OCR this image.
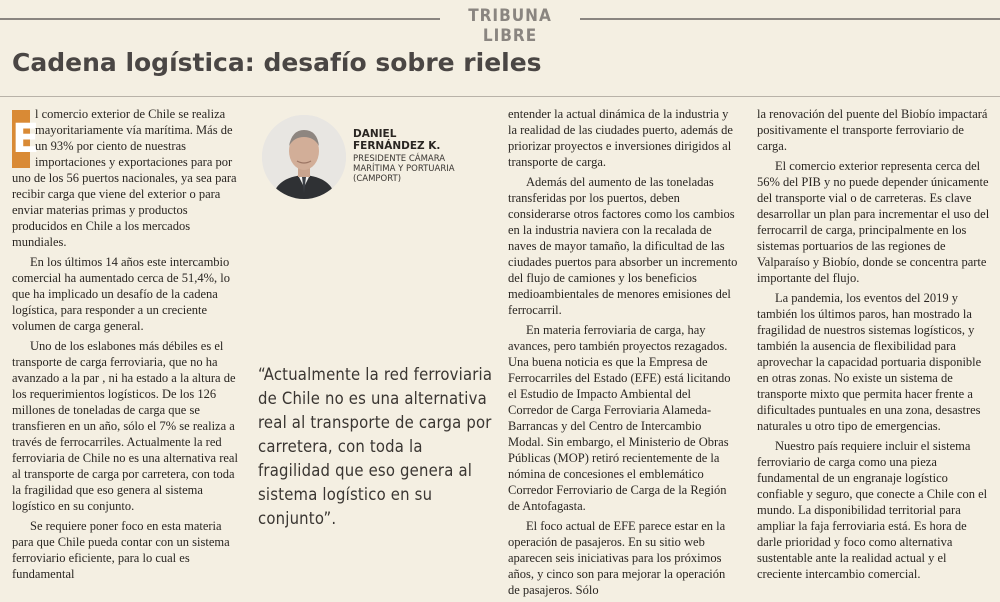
TRIBUNA LIBRE
Cadena logística: desafío sobre rieles

E
l comercio exterior de Chile se realiza mayoritariamente vía marítima. Más de un 93% por ciento de nuestras importaciones y exportaciones para por uno de los 56 puertos nacionales, ya sea para recibir carga que viene del exterior o para enviar materias primas y productos producidos en Chile a los mercados mundiales.

En los últimos 14 años este intercambio comercial ha aumentado cerca de 51,4%, lo que ha implicado un desafío de la cadena logística, para responder a un creciente volumen de carga general.

Uno de los eslabones más débiles es el transporte de carga ferroviaria, que no ha avanzado a la par , ni ha estado a la altura de los requerimientos logísticos. De los 126 millones de toneladas de carga que se transfieren en un año, sólo el 7% se realiza a través de ferrocarriles. Actualmente la red ferroviaria de Chile no es una alternativa real al transporte de carga por carretera, con toda la fragilidad que eso genera al sistema logístico en su conjunto.

Se requiere poner foco en esta materia para que Chile pueda contar con un sistema ferroviario eficiente, para lo cual es fundamental

DANIEL
FERNÁNDEZ K.
PRESIDENTE CÁMARA
MARÍTIMA Y PORTUARIA
(CAMPORT)

“Actualmente la red ferroviaria de Chile no es una alternativa real al transporte de carga por carretera, con toda la fragilidad que eso genera al sistema logístico en su conjunto”.

entender la actual dinámica de la industria y la realidad de las ciudades puerto, además de priorizar proyectos e inversiones dirigidos al transporte de carga.

Además del aumento de las toneladas transferidas por los puertos, deben considerarse otros factores como los cambios en la industria naviera con la recalada de naves de mayor tamaño, la dificultad de las ciudades puertos para absorber un incremento del flujo de camiones y los beneficios medioambientales de menores emisiones del ferrocarril.

En materia ferroviaria de carga, hay avances, pero también proyectos rezagados. Una buena noticia es que la Empresa de Ferrocarriles del Estado (EFE) está licitando el Estudio de Impacto Ambiental del Corredor de Carga Ferroviaria Alameda-Barrancas y del Centro de Intercambio Modal. Sin embargo, el Ministerio de Obras Públicas (MOP) retiró recientemente de la nómina de concesiones el emblemático Corredor Ferroviario de Carga de la Región de Antofagasta.

El foco actual de EFE parece estar en la operación de pasajeros. En su sitio web aparecen seis iniciativas para los próximos años, y cinco son para mejorar la operación de pasajeros. Sólo

la renovación del puente del Biobío impactará positivamente el transporte ferroviario de carga.

El comercio exterior representa cerca del 56% del PIB y no puede depender únicamente del transporte vial o de carreteras. Es clave desarrollar un plan para incrementar el uso del ferrocarril de carga, principalmente en los sistemas portuarios de las regiones de Valparaíso y Biobío, donde se concentra parte importante del flujo.

La pandemia, los eventos del 2019 y también los últimos paros, han mostrado la fragilidad de nuestros sistemas logísticos, y también la ausencia de flexibilidad para aprovechar la capacidad portuaria disponible en otras zonas. No existe un sistema de transporte mixto que permita hacer frente a dificultades puntuales en una zona, desastres naturales u otro tipo de emergencias.

Nuestro país requiere incluir el sistema ferroviario de carga como una pieza fundamental de un engranaje logístico confiable y seguro, que conecte a Chile con el mundo. La disponibilidad territorial para ampliar la faja ferroviaria está. Es hora de darle prioridad y foco como alternativa sustentable ante la realidad actual y el creciente intercambio comercial.
